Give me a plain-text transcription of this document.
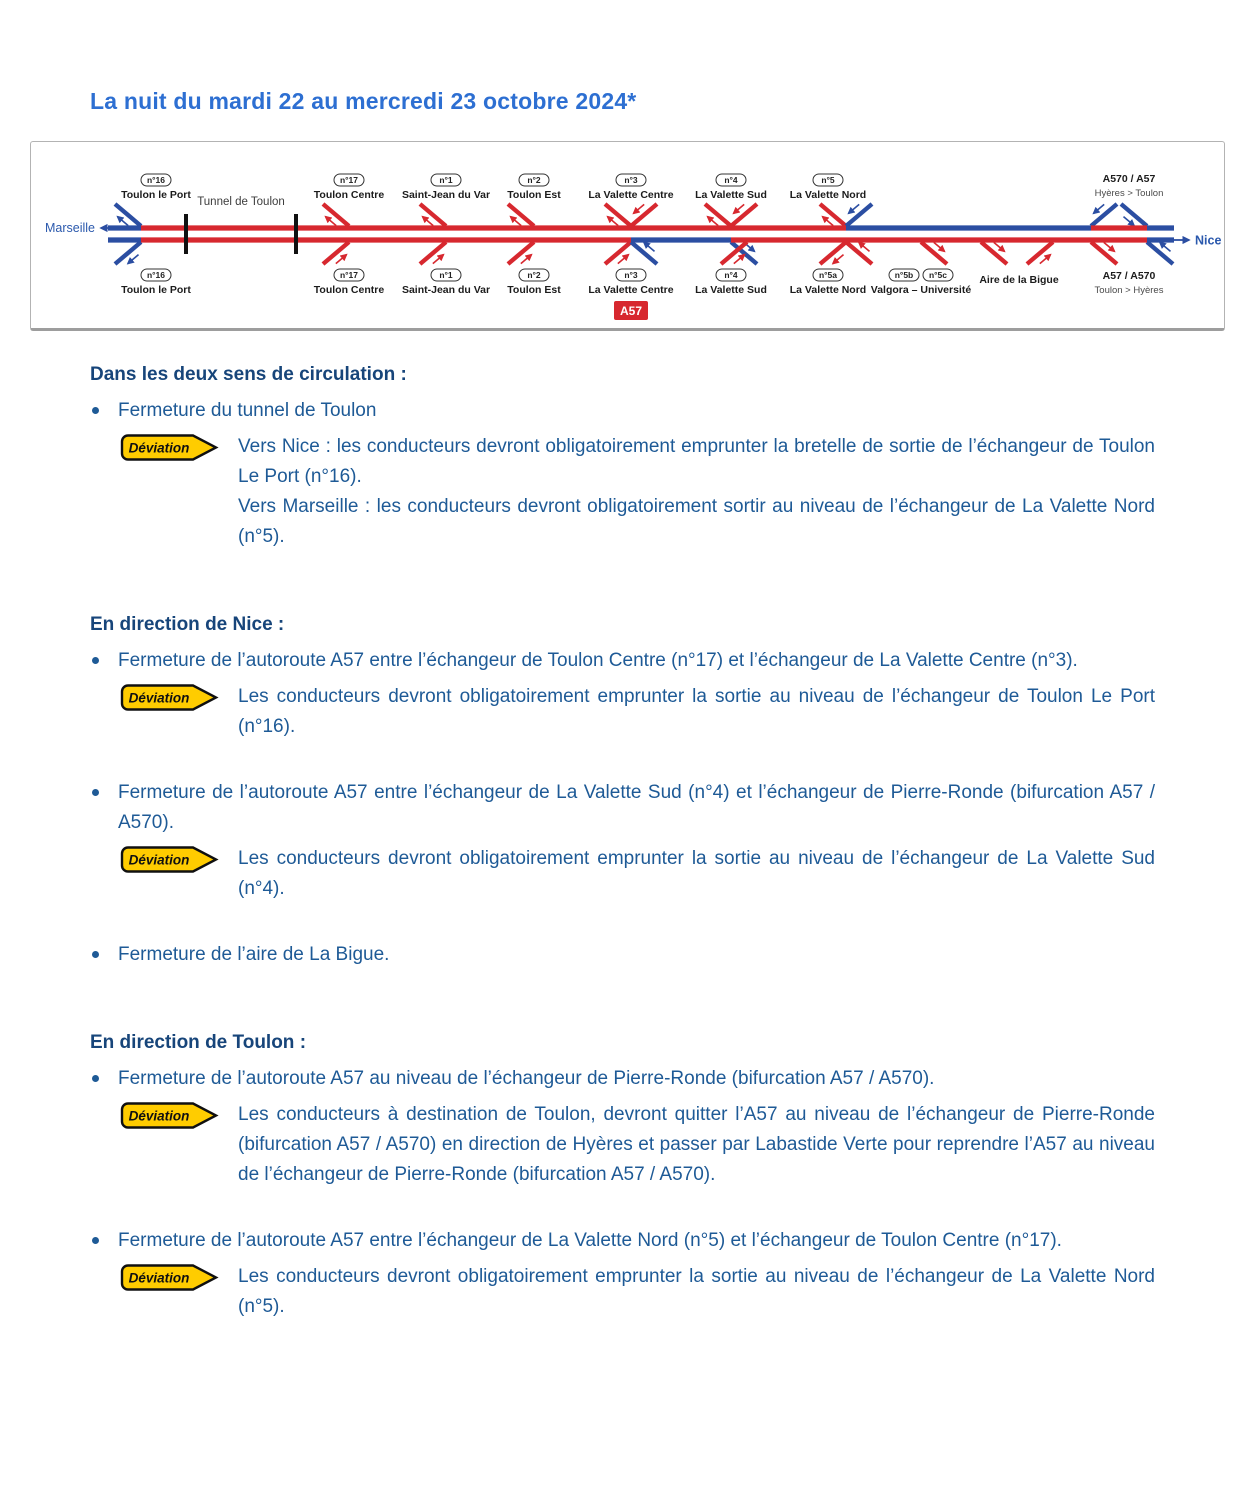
La nuit du mardi 22 au mercredi 23 octobre 2024*
Tunnel de Toulon
Marseille
Nice
n°16
Toulon le Port
n°17
Toulon Centre
n°1
Saint-Jean du Var
n°2
Toulon Est
n°3
La Valette Centre
n°4
La Valette Sud
n°5
La Valette Nord
n°16
Toulon le Port
n°17
Toulon Centre
n°1
Saint-Jean du Var
n°2
Toulon Est
n°3
La Valette Centre
n°4
La Valette Sud
n°5a
La Valette Nord
n°5b n°5c
Valgora – Université
Aire de la Bigue
A570 / A57
Hyères > Toulon
A57 / A570
Toulon > Hyères
A57
Dans les deux sens de circulation :
Fermeture du tunnel de Toulon
Déviation	Vers Nice : les conducteurs devront obligatoirement emprunter la bretelle de sortie de l’échangeur de Toulon Le Port (n°16).

Vers Marseille : les conducteurs devront obligatoirement sortir au niveau de l’échangeur de La Valette Nord (n°5).

En direction de Nice :
Fermeture de l’autoroute A57 entre l’échangeur de Toulon Centre (n°17) et l’échangeur de La Valette Centre (n°3).
Déviation	Les conducteurs devront obligatoirement emprunter la sortie au niveau de l’échangeur de Toulon Le Port (n°16).

Fermeture de l’autoroute A57 entre l’échangeur de La Valette Sud (n°4) et l’échangeur de Pierre-Ronde (bifurcation A57 / A570).
Déviation	Les conducteurs devront obligatoirement emprunter la sortie au niveau de l’échangeur de La Valette Sud (n°4).

Fermeture de l’aire de La Bigue.
En direction de Toulon :
Fermeture de l’autoroute A57 au niveau de l’échangeur de Pierre-Ronde (bifurcation A57 / A570).
Déviation	Les conducteurs à destination de Toulon, devront quitter l’A57 au niveau de l’échangeur de Pierre-Ronde (bifurcation A57 / A570) en direction de Hyères et passer par Labastide Verte pour reprendre l’A57 au niveau de l’échangeur de Pierre-Ronde (bifurcation A57 / A570).

Fermeture de l’autoroute A57 entre l’échangeur de La Valette Nord (n°5) et l’échangeur de Toulon Centre (n°17).
Déviation	Les conducteurs devront obligatoirement emprunter la sortie au niveau de l’échangeur de La Valette Nord (n°5).
